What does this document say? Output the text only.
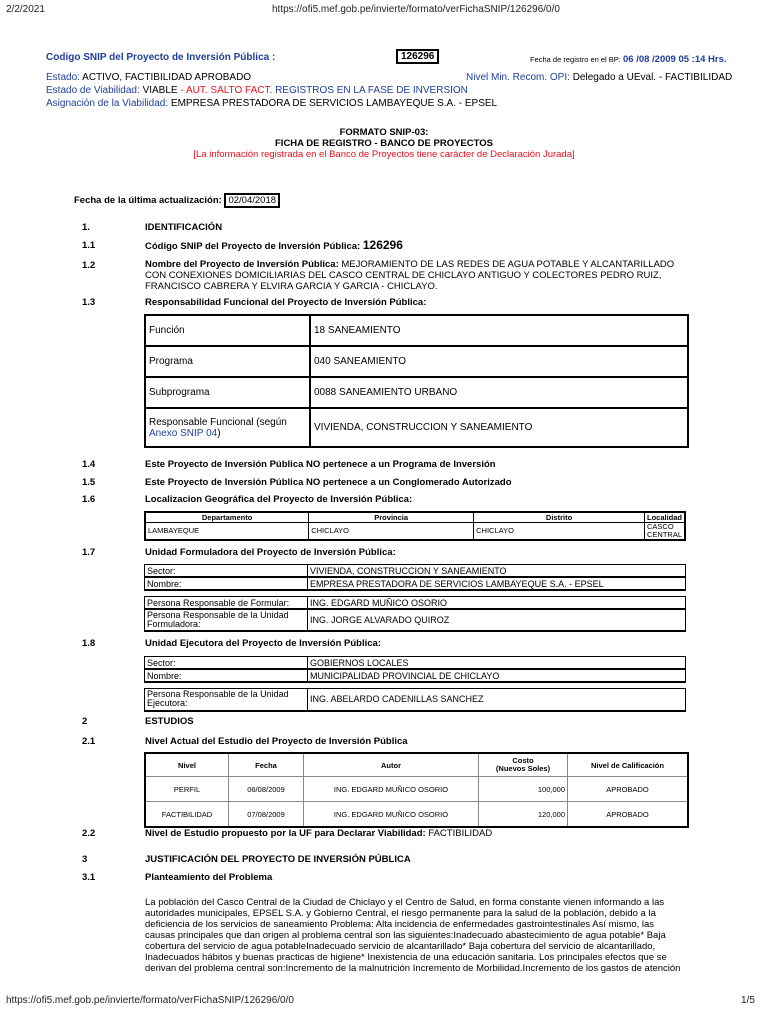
2/2/2021	https://ofi5.mef.gob.pe/invierte/formato/verFichaSNIP/126296/0/0
https://ofi5.mef.gob.pe/invierte/formato/verFichaSNIP/126296/0/0	1/5
Codigo SNIP del Proyecto de Inversión Pública :	126296	Fecha de registro en el BP: 06 /08 /2009 05 :14 Hrs.
Estado: ACTIVO, FACTIBILIDAD APROBADO	Nivel Min. Recom. OPI: Delegado a UEval. - FACTIBILIDAD
Estado de Viabilidad: VIABLE - AUT. SALTO FACT. REGISTROS EN LA FASE DE INVERSION
Asignación de la Viabilidad: EMPRESA PRESTADORA DE SERVICIOS LAMBAYEQUE S.A. - EPSEL
FORMATO SNIP-03:
FICHA DE REGISTRO - BANCO DE PROYECTOS
[La información registrada en el Banco de Proyectos tiene carácter de Declaración Jurada]
Fecha de la última actualización: 02/04/2018
1.	IDENTIFICACIÓN
1.1	Código SNIP del Proyecto de Inversión Pública: 126296
1.2	Nombre del Proyecto de Inversión Pública: MEJORAMIENTO DE LAS REDES DE AGUA POTABLE Y ALCANTARILLADO
CON CONEXIONES DOMICILIARIAS DEL CASCO CENTRAL DE CHICLAYO ANTIGUO Y COLECTORES PEDRO RUIZ,
FRANCISCO CABRERA Y ELVIRA GARCIA Y GARCIA - CHICLAYO.
1.3	Responsabilidad Funcional del Proyecto de Inversión Pública:
Función	18 SANEAMIENTO
Programa	040 SANEAMIENTO
Subprograma	0088 SANEAMIENTO URBANO
Responsable Funcional (según
Anexo SNIP 04)	VIVIENDA, CONSTRUCCION Y SANEAMIENTO
1.4	Este Proyecto de Inversión Pública NO pertenece a un Programa de Inversión
1.5	Este Proyecto de Inversión Pública NO pertenece a un Conglomerado Autorizado
1.6	Localizacion Geográfica del Proyecto de Inversión Pública:
Departamento	Provincia	Distrito	Localidad
LAMBAYEQUE	CHICLAYO	CHICLAYO	CASCO CENTRAL
1.7	Unidad Formuladora del Proyecto de Inversión Pública:
Sector:	VIVIENDA, CONSTRUCCION Y SANEAMIENTO
Nombre:	EMPRESA PRESTADORA DE SERVICIOS LAMBAYEQUE S.A. - EPSEL
Persona Responsable de Formular:	ING. EDGARD MUÑICO OSORIO
Persona Responsable de la Unidad Formuladora:	ING. JORGE ALVARADO QUIROZ
1.8	Unidad Ejecutora del Proyecto de Inversión Pública:
Sector:	GOBIERNOS LOCALES
Nombre:	MUNICIPALIDAD PROVINCIAL DE CHICLAYO
Persona Responsable de la Unidad Ejecutora:	ING. ABELARDO CADENILLAS SANCHEZ
2	ESTUDIOS
2.1	Nivel Actual del Estudio del Proyecto de Inversión Pública
Nivel	Fecha	Autor	Costo
(Nuevos Soles)	Nivel de Calificación
PERFIL	06/08/2009	ING. EDGARD MUÑICO OSORIO	100,000	APROBADO
FACTIBILIDAD	07/08/2009	ING. EDGARD MUÑICO OSORIO	120,000	APROBADO
2.2	Nivel de Estudio propuesto por la UF para Declarar Viabilidad: FACTIBILIDAD
3	JUSTIFICACIÓN DEL PROYECTO DE INVERSIÓN PÚBLICA
3.1	Planteamiento del Problema
La población del Casco Central de la Ciudad de Chiclayo y el Centro de Salud, en forma constante vienen informando a las
autoridades municipales, EPSEL S.A. y Gobierno Central, el riesgo permanente para la salud de la población, debido a la
deficiencia de los servicios de saneamiento Problema: Alta incidencia de enfermedades gastrointestinales Así mismo, las
causas principales que dan origen al problema central son las siguientes:Inadecuado abastecimiento de agua potable* Baja
cobertura del servicio de agua potableInadecuado servicio de alcantarillado* Baja cobertura del servicio de alcantarillado,
Inadecuados hábitos y buenas practicas de higiene* Inexistencia de una educación sanitaria. Los principales efectos que se
derivan del problema central son:Incremento de la malnutrición Incremento de Morbilidad.Incremento de los gastos de atención
